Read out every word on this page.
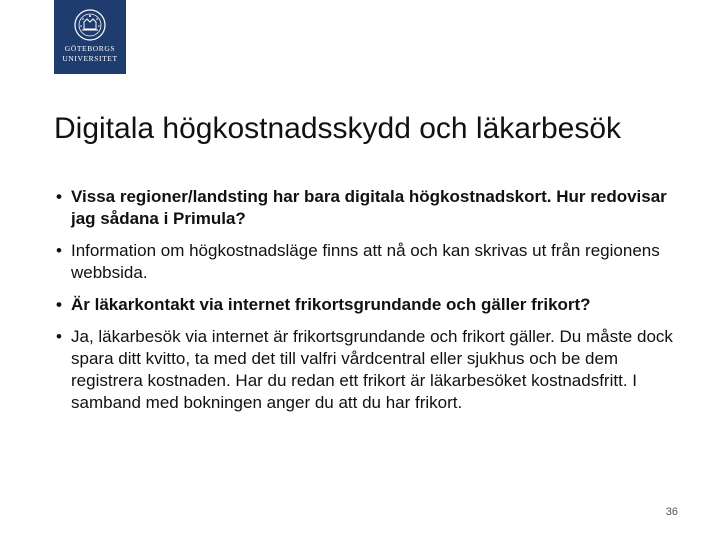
GÖTEBORGS
UNIVERSITET
Digitala högkostnadsskydd och läkarbesök
• Vissa regioner/landsting har bara digitala högkostnadskort. Hur redovisar jag sådana i Primula?
• Information om högkostnadsläge finns att nå och kan skrivas ut från regionens webbsida.
• Är läkarkontakt via internet frikortsgrundande och gäller frikort?
• Ja, läkarbesök via internet är frikortsgrundande och frikort gäller. Du måste dock spara ditt kvitto, ta med det till valfri vårdcentral eller sjukhus och be dem registrera kostnaden. Har du redan ett frikort är läkarbesöket kostnadsfritt. I samband med bokningen anger du att du har frikort.
36
